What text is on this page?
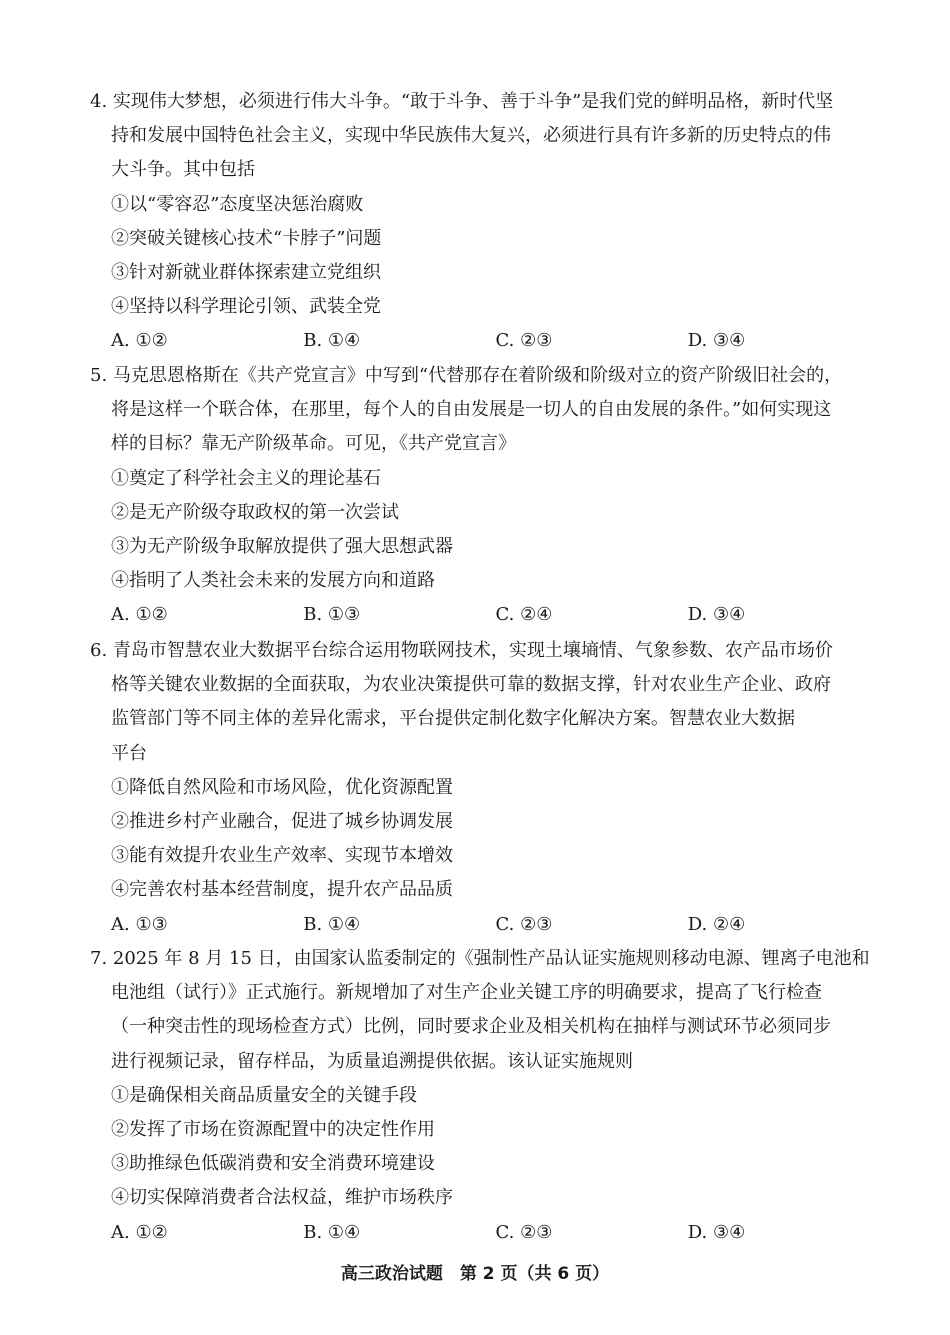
4. 实现伟大梦想，必须进行伟大斗争。“敢于斗争、善于斗争”是我们党的鲜明品格，新时代坚
持和发展中国特色社会主义，实现中华民族伟大复兴，必须进行具有许多新的历史特点的伟
大斗争。其中包括
①以“零容忍”态度坚决惩治腐败
②突破关键核心技术“卡脖子”问题
③针对新就业群体探索建立党组织
④坚持以科学理论引领、武装全党
A. ①②	B. ①④	C. ②③	D. ③④
5. 马克思恩格斯在《共产党宣言》中写到“代替那存在着阶级和阶级对立的资产阶级旧社会的，
将是这样一个联合体，在那里，每个人的自由发展是一切人的自由发展的条件。”如何实现这
样的目标？靠无产阶级革命。可见，《共产党宣言》
①奠定了科学社会主义的理论基石
②是无产阶级夺取政权的第一次尝试
③为无产阶级争取解放提供了强大思想武器
④指明了人类社会未来的发展方向和道路
A. ①②	B. ①③	C. ②④	D. ③④
6. 青岛市智慧农业大数据平台综合运用物联网技术，实现土壤墒情、气象参数、农产品市场价
格等关键农业数据的全面获取，为农业决策提供可靠的数据支撑，针对农业生产企业、政府
监管部门等不同主体的差异化需求，平台提供定制化数字化解决方案。智慧农业大数据
平台
①降低自然风险和市场风险，优化资源配置
②推进乡村产业融合，促进了城乡协调发展
③能有效提升农业生产效率、实现节本增效
④完善农村基本经营制度，提升农产品品质
A. ①③	B. ①④	C. ②③	D. ②④
7. 2025 年 8 月 15 日，由国家认监委制定的《强制性产品认证实施规则移动电源、锂离子电池和
电池组（试行）》正式施行。新规增加了对生产企业关键工序的明确要求，提高了飞行检查
（一种突击性的现场检查方式）比例，同时要求企业及相关机构在抽样与测试环节必须同步
进行视频记录，留存样品，为质量追溯提供依据。该认证实施规则
①是确保相关商品质量安全的关键手段
②发挥了市场在资源配置中的决定性作用
③助推绿色低碳消费和安全消费环境建设
④切实保障消费者合法权益，维护市场秩序
A. ①②	B. ①④	C. ②③	D. ③④
高三政治试题　第 2 页（共 6 页）
